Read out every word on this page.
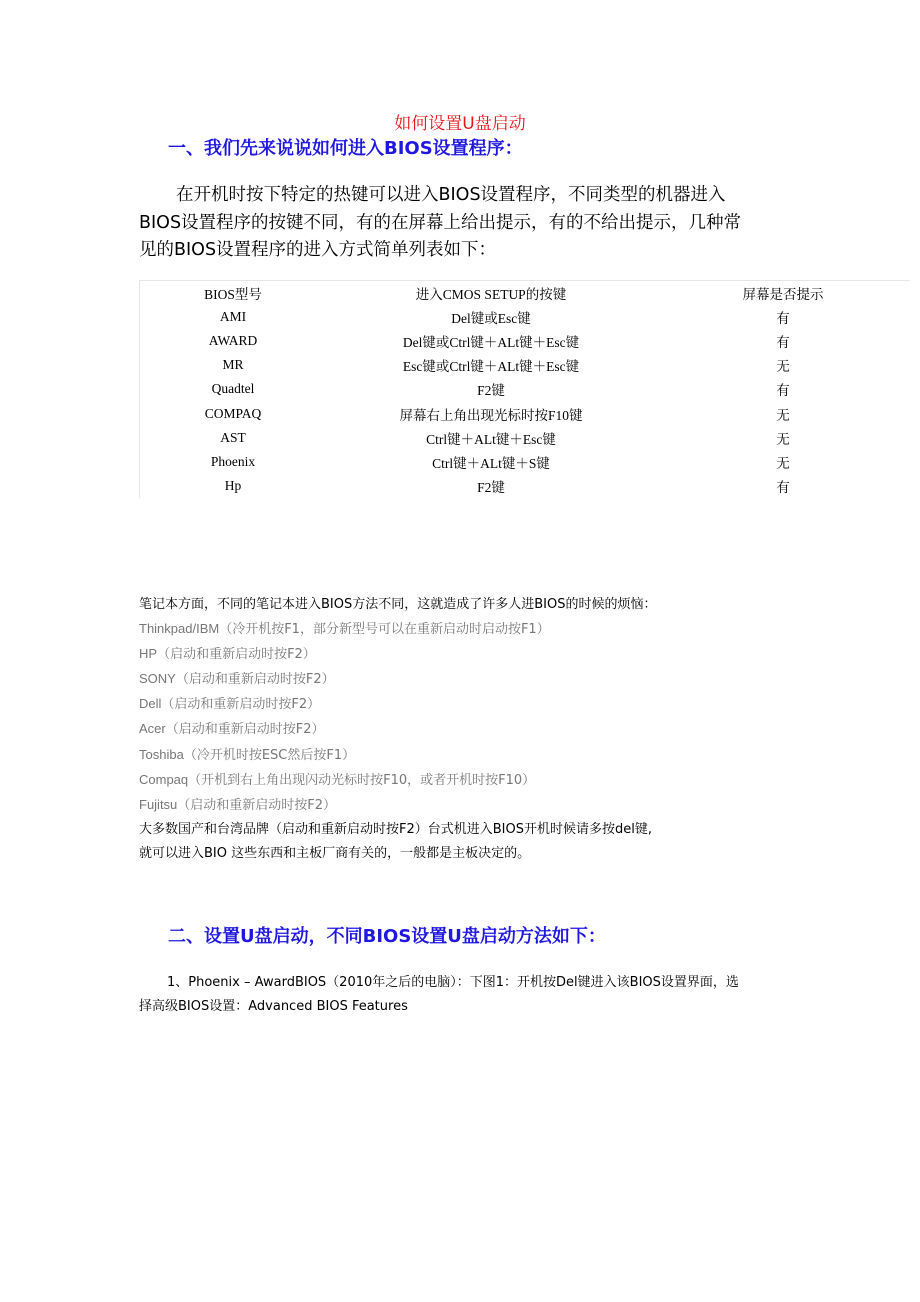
如何设置U盘启动
一、我们先来说说如何进入BIOS设置程序：
在开机时按下特定的热键可以进入BIOS设置程序，不同类型的机器进入
BIOS设置程序的按键不同，有的在屏幕上给出提示，有的不给出提示，几种常
见的BIOS设置程序的进入方式简单列表如下：
BIOS型号	进入CMOS SETUP的按键	屏幕是否提示
AMI	Del键或Esc键	有
AWARD	Del键或Ctrl键＋ALt键＋Esc键	有
MR	Esc键或Ctrl键＋ALt键＋Esc键	无
Quadtel	F2键	有
COMPAQ	屏幕右上角出现光标时按F10键	无
AST	Ctrl键＋ALt键＋Esc键	无
Phoenix	Ctrl键＋ALt键＋S键	无
Hp	F2键	有
笔记本方面，不同的笔记本进入BIOS方法不同，这就造成了许多人进BIOS的时候的烦恼：
Thinkpad/IBM（冷开机按F1，部分新型号可以在重新启动时启动按F1）
HP（启动和重新启动时按F2）
SONY（启动和重新启动时按F2）
Dell（启动和重新启动时按F2）
Acer（启动和重新启动时按F2）
Toshiba（冷开机时按ESC然后按F1）
Compaq（开机到右上角出现闪动光标时按F10，或者开机时按F10）
Fujitsu（启动和重新启动时按F2）
大多数国产和台湾品牌（启动和重新启动时按F2）台式机进入BIOS开机时候请多按del键,
就可以进入BIO 这些东西和主板厂商有关的，一般都是主板决定的。
二、设置U盘启动，不同BIOS设置U盘启动方法如下：
1、Phoenix – AwardBIOS（2010年之后的电脑）：下图1：开机按Del键进入该BIOS设置界面，选
择高级BIOS设置：Advanced BIOS Features
